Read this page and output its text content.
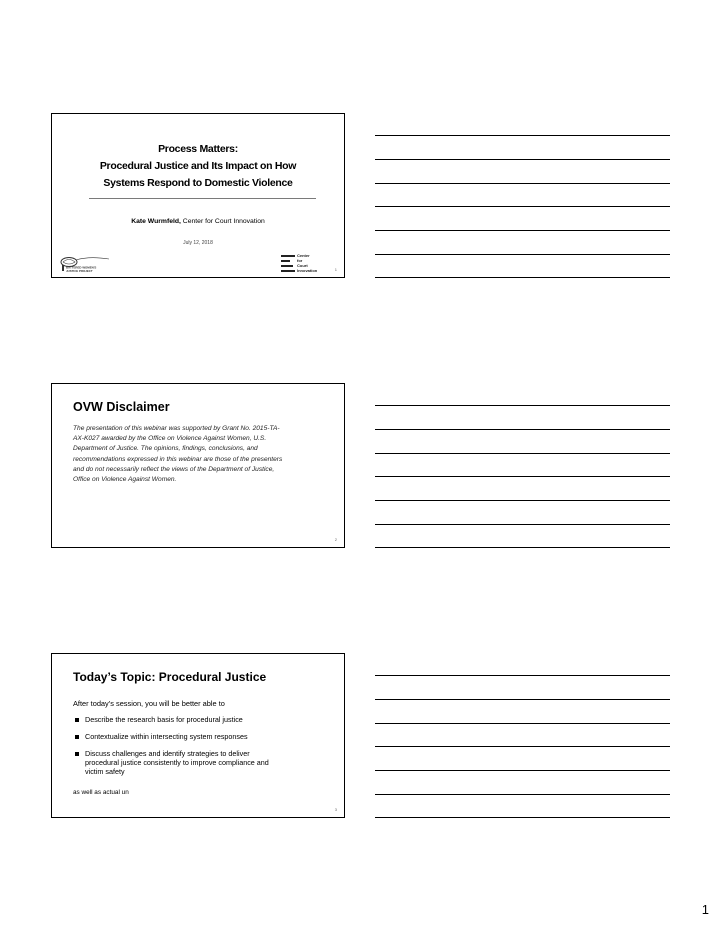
Process Matters:
Procedural Justice and Its Impact on How
Systems Respond to Domestic Violence
Kate Wurmfeld, Center for Court Innovation
July 12, 2018
BATTERED WOMEN'S
JUSTICE PROJECT
Center
for
Court
Innovation	1
OVW Disclaimer
The presentation of this webinar was supported by Grant No. 2015-TA-
AX-K027 awarded by the Office on Violence Against Women, U.S.
Department of Justice. The opinions, findings, conclusions, and
recommendations expressed in this webinar are those of the presenters
and do not necessarily reflect the views of the Department of Justice,
Office on Violence Against Women.
2
Today’s Topic: Procedural Justice
After today’s session, you will be better able to
Describe the research basis for procedural justice
Contextualize within intersecting system responses
Discuss challenges and identify strategies to deliver
procedural justice consistently to improve compliance and
victim safety
as well as actual un
3
1
